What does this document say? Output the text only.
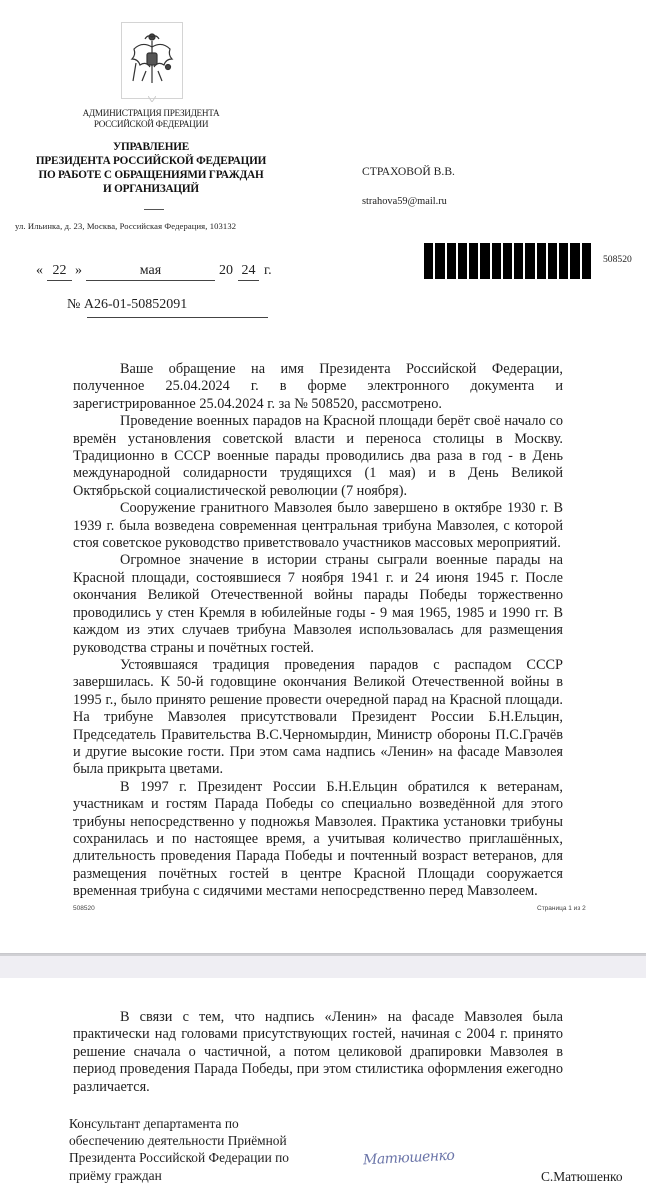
АДМИНИСТРАЦИЯ ПРЕЗИДЕНТА
РОССИЙСКОЙ ФЕДЕРАЦИИ
УПРАВЛЕНИЕ
ПРЕЗИДЕНТА РОССИЙСКОЙ ФЕДЕРАЦИИ
ПО РАБОТЕ С ОБРАЩЕНИЯМИ ГРАЖДАН
И ОРГАНИЗАЦИЙ
ул. Ильинка, д. 23, Москва, Российская Федерация, 103132
СТРАХОВОЙ В.В.
strahova59@mail.ru
508520
« 22 »	мая	20 24 г.
№ А26-01-50852091

Ваше обращение на имя Президента Российской Федерации, полученное 25.04.2024 г. в форме электронного документа и зарегистрированное 25.04.2024 г. за № 508520, рассмотрено.

Проведение военных парадов на Красной площади берёт своё начало со времён установления советской власти и переноса столицы в Москву. Традиционно в СССР военные парады проводились два раза в год - в День международной солидарности трудящихся (1 мая) и в День Великой Октябрьской социалистической революции (7 ноября).

Сооружение гранитного Мавзолея было завершено в октябре 1930 г. В 1939 г. была возведена современная центральная трибуна Мавзолея, с которой стоя советское руководство приветствовало участников массовых мероприятий.

Огромное значение в истории страны сыграли военные парады на Красной площади, состоявшиеся 7 ноября 1941 г. и 24 июня 1945 г. После окончания Великой Отечественной войны парады Победы торжественно проводились у стен Кремля в юбилейные годы - 9 мая 1965, 1985 и 1990 гг. В каждом из этих случаев трибуна Мавзолея использовалась для размещения руководства страны и почётных гостей.

Устоявшаяся традиция проведения парадов с распадом СССР завершилась. К 50-й годовщине окончания Великой Отечественной войны в 1995 г., было принято решение провести очередной парад на Красной площади. На трибуне Мавзолея присутствовали Президент России Б.Н.Ельцин, Председатель Правительства В.С.Черномырдин, Министр обороны П.С.Грачёв и другие высокие гости. При этом сама надпись «Ленин» на фасаде Мавзолея была прикрыта цветами.

В 1997 г. Президент России Б.Н.Ельцин обратился к ветеранам, участникам и гостям Парада Победы со специально возведённой для этого трибуны непосредственно у подножья Мавзолея. Практика установки трибуны сохранилась и по настоящее время, а учитывая количество приглашённых, длительность проведения Парада Победы и почтенный возраст ветеранов, для размещения почётных гостей в центре Красной Площади сооружается временная трибуна с сидячими местами непосредственно перед Мавзолеем.

508520	Страница 1 из 2

В связи с тем, что надпись «Ленин» на фасаде Мавзолея была практически над головами присутствующих гостей, начиная с 2004 г. принято решение сначала о частичной, а потом целиковой драпировки Мавзолея в период проведения Парада Победы, при этом стилистика оформления ежегодно различается.

Консультант департамента по
обеспечению деятельности Приёмной
Президента Российской Федерации по
приёму граждан
Матюшенко
С.Матюшенко
